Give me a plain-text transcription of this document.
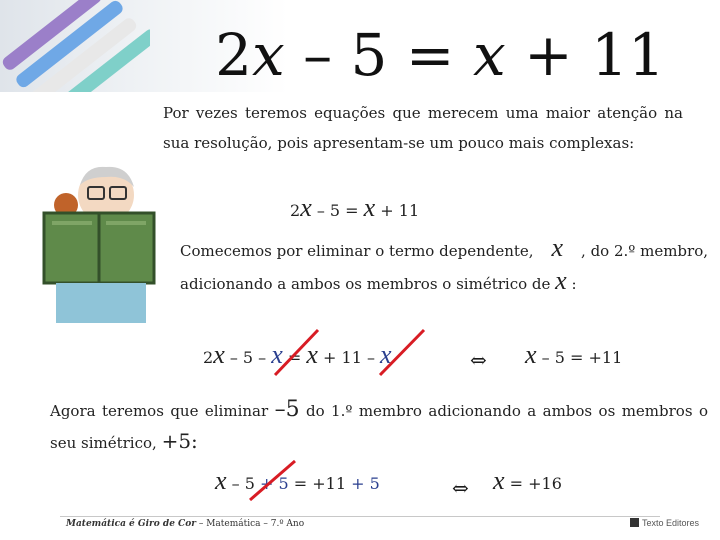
2x – 5 = x + 11
Por vezes teremos equações que merecem uma maior atenção na sua resolução, pois apresentam-se um pouco mais complexas:
2x – 5 = x + 11
Comecemos por eliminar o termo dependente, x , do 2.º membro,
adicionando a ambos os membros o simétrico de x :
2x – 5 – x = x + 11 – x	⇔ x – 5 = +11
Agora teremos que eliminar –5 do 1.º membro adicionando a ambos os membros o seu simétrico, +5:
x – 5 + 5 = +11 + 5	⇔ x = +16
Matemática é Giro de Cor – Matemática – 7.º Ano	Texto Editores
